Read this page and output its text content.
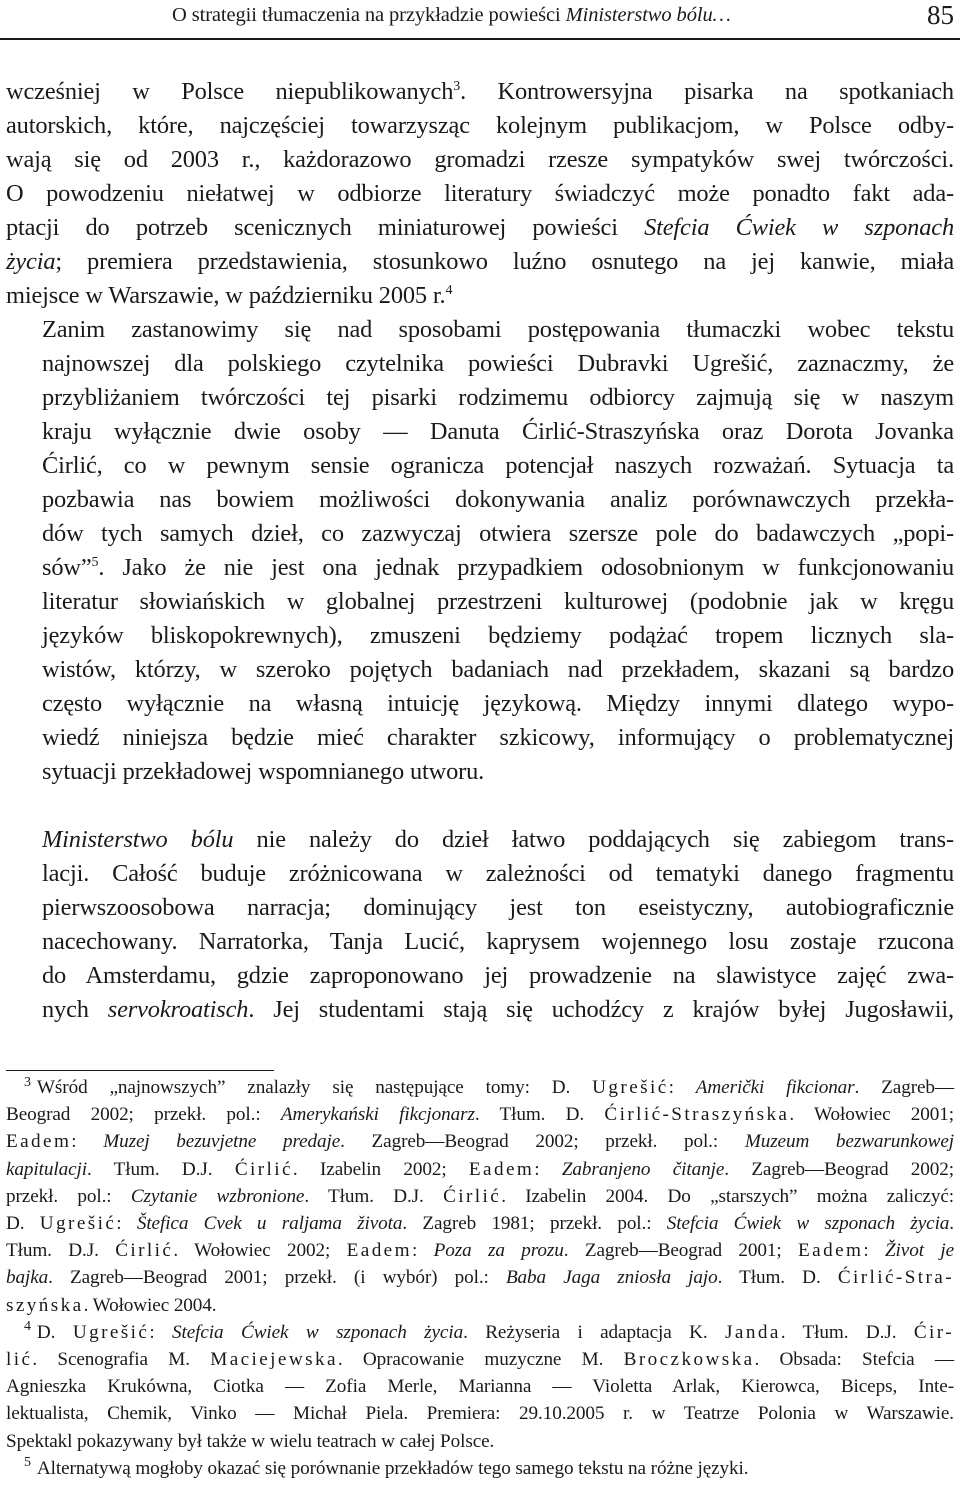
O strategii tłumaczenia na przykładzie powieści Ministerstwo bólu…	85

wcześniej w Polsce niepublikowanych$^3$. Kontrowersyjna pisarka na spotkaniach
autorskich, które, najczęściej towarzysząc kolejnym publikacjom, w Polsce odby-
wają się od 2003 r., każdorazowo gromadzi rzesze sympatyków swej twórczości.
O powodzeniu niełatwej w odbiorze literatury świadczyć może ponadto fakt ada-
ptacji do potrzeb scenicznych miniaturowej powieści Stefcia Ćwiek w szponach
życia; premiera przedstawienia, stosunkowo luźno osnutego na jej kanwie, miała
miejsce w Warszawie, w październiku 2005 r.$^4$

Zanim zastanowimy się nad sposobami postępowania tłumaczki wobec tekstu
najnowszej dla polskiego czytelnika powieści Dubravki Ugrešić, zaznaczmy, że
przybliżaniem twórczości tej pisarki rodzimemu odbiorcy zajmują się w naszym
kraju wyłącznie dwie osoby — Danuta Ćirlić-Straszyńska oraz Dorota Jovanka
Ćirlić, co w pewnym sensie ogranicza potencjał naszych rozważań. Sytuacja ta
pozbawia nas bowiem możliwości dokonywania analiz porównawczych przekła-
dów tych samych dzieł, co zazwyczaj otwiera szersze pole do badawczych „popi-
sów”$^5$. Jako że nie jest ona jednak przypadkiem odosobnionym w funkcjonowaniu
literatur słowiańskich w globalnej przestrzeni kulturowej (podobnie jak w kręgu
języków bliskopokrewnych), zmuszeni będziemy podążać tropem licznych sla-
wistów, którzy, w szeroko pojętych badaniach nad przekładem, skazani są bardzo
często wyłącznie na własną intuicję językową. Między innymi dlatego wypo-
wiedź niniejsza będzie mieć charakter szkicowy, informujący o problematycznej
sytuacji przekładowej wspomnianego utworu.

Ministerstwo bólu nie należy do dzieł łatwo poddających się zabiegom trans-
lacji. Całość buduje zróżnicowana w zależności od tematyki danego fragmentu
pierwszoosobowa narracja; dominujący jest ton eseistyczny, autobiograficznie
nacechowany. Narratorka, Tanja Lucić, kaprysem wojennego losu zostaje rzucona
do Amsterdamu, gdzie zaproponowano jej prowadzenie na slawistyce zajęć zwa-
nych servokroatisch. Jej studentami stają się uchodźcy z krajów byłej Jugosławii,

$^3$ Wśród „najnowszych” znalazły się następujące tomy: D. Ugrešić: Američki fikcionar. Zagreb—
Beograd 2002; przekł. pol.: Amerykański fikcjonarz. Tłum. D. Ćirlić-Straszyńska. Wołowiec 2001;
Eadem: Muzej bezuvjetne predaje. Zagreb—Beograd 2002; przekł. pol.: Muzeum bezwarunkowej
kapitulacji. Tłum. D.J. Ćirlić. Izabelin 2002; Eadem: Zabranjeno čitanje. Zagreb—Beograd 2002;
przekł. pol.: Czytanie wzbronione. Tłum. D.J. Ćirlić. Izabelin 2004. Do „starszych” można zaliczyć:
D. Ugrešić: Štefica Cvek u raljama života. Zagreb 1981; przekł. pol.: Stefcia Ćwiek w szponach życia.
Tłum. D.J. Ćirlić. Wołowiec 2002; Eadem: Poza za prozu. Zagreb—Beograd 2001; Eadem: Život je
bajka. Zagreb—Beograd 2001; przekł. (i wybór) pol.: Baba Jaga zniosła jajo. Tłum. D. Ćirlić-Stra-
szyńska. Wołowiec 2004.

$^4$ D. Ugrešić: Stefcia Ćwiek w szponach życia. Reżyseria i adaptacja K. Janda. Tłum. D.J. Ćir-
lić. Scenografia M. Maciejewska. Opracowanie muzyczne M. Broczkowska. Obsada: Stefcia —
Agnieszka Krukówna, Ciotka — Zofia Merle, Marianna — Violetta Arlak, Kierowca, Biceps, Inte-
lektualista, Chemik, Vinko — Michał Piela. Premiera: 29.10.2005 r. w Teatrze Polonia w Warszawie.
Spektakl pokazywany był także w wielu teatrach w całej Polsce.

$^5$ Alternatywą mogłoby okazać się porównanie przekładów tego samego tekstu na różne języki.
